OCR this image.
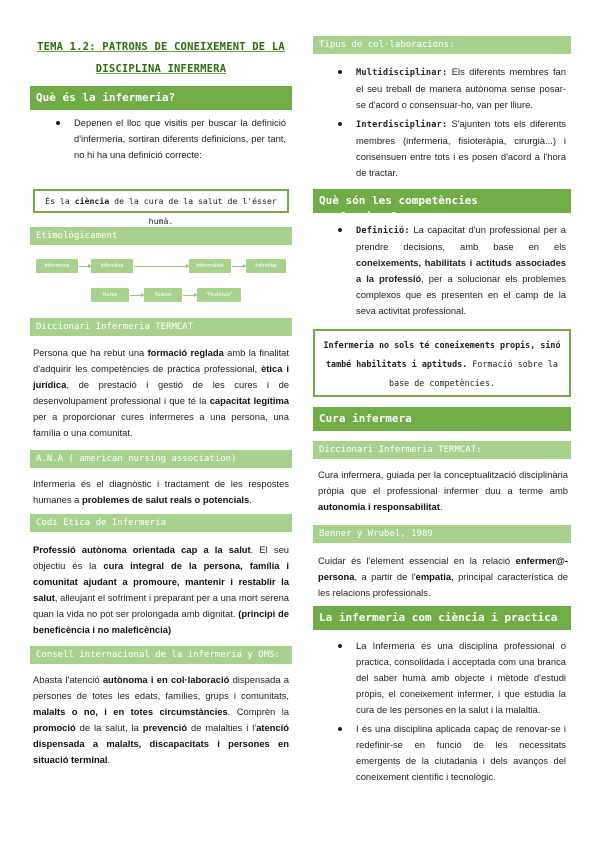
TEMA 1.2: PATRONS DE CONEIXEMENT DE LA
DISCIPLINA INFERMERA
Què és la infermeria?
Depenen el lloc que visitis per buscar la definició d'infermeria, sortiran diferents definicions, per tant, no hi ha una definició correcte:
És la ciència de la cura de la salut de l'ésser humà.
Etimològicament
Infermeria	Infirmitas	Informalitat	Infirmitat
Nurse	Nutrire	"Nodrizza"
Diccionari Infermeria TERMCAT
Persona que ha rebut una formació reglada amb la finalitat d'adquirir les competències de pràctica professional, ètica i jurídica, de prestació i gestió de les cures i de desenvolupament professional i que té la capacitat legítima per a proporcionar cures infermeres a una persona, una família o una comunitat.
A.N.A ( american nursing association)
Infermeria és el diagnòstic i tractament de les respostes humanes a problemes de salut reals o potencials.
Codi Ètica de Infermeria
Professió autònoma orientada cap a la salut. El seu objectiu és la cura integral de la persona, família i comunitat ajudant a promoure, mantenir i restablir la salut, alleujant el sofriment i preparant per a una mort serena quan la vida no pot ser prolongada amb dignitat. (principi de beneficència i no maleficència)
Consell internacional de la infermeria y OMS:
Abasta l'atenció autònoma i en col·laboració dispensada a persones de totes les edats, famílies, grups i comunitats, malalts o no, i en totes circumstàncies. Comprèn la promoció de la salut, la prevenció de malalties i l'atenció dispensada a malalts, discapacitats i persones en situació terminal.
Tipus de col·laboracions:
Multidisciplinar: Els diferents membres fan el seu treball de manera autònoma sense posar-se d'acord o consensuar-ho, van per lliure.
Interdisciplinar: S'ajunten tots els diferents membres (infermeria, fisioteràpia, cirurgià...) i consensuen entre tots i es posen d'acord a l'hora de tractar.
Què són les competències professionals
Definició: La capacitat d'un professional per a prendre decisions, amb base en els coneixements, habilitats i actituds associades a la professió, per a solucionar els problemes complexos que es presenten en el camp de la seva activitat professional.
Infermeria no sols té coneixements propis, sinó també habilitats i aptituds. Formació sobre la base de competències.
Cura infermera
Diccionari Infermeria TERMCAT:
Cura infermera, guiada per la conceptualització disciplinària pròpia que el professional infermer duu a terme amb autonomia i responsabilitat.
Benner y Wrubel, 1989
Cuidar és l'element essencial en la relació enfermer@-persona, a partir de l'empatia, principal característica de les relacions professionals.
La infermeria com ciència i practica
La Infermeria és una disciplina professional o practica, consolidada i acceptada com una branca del saber humà amb objecte i mètode d'estudi propis, el coneixement infermer, i que estudia la cura de les persones en la salut i la malaltia.
I és una disciplina aplicada capaç de renovar-se i redefinir-se en funció de les necessitats emergents de la ciutadania i dels avanços del coneixement científic i tecnològic.
